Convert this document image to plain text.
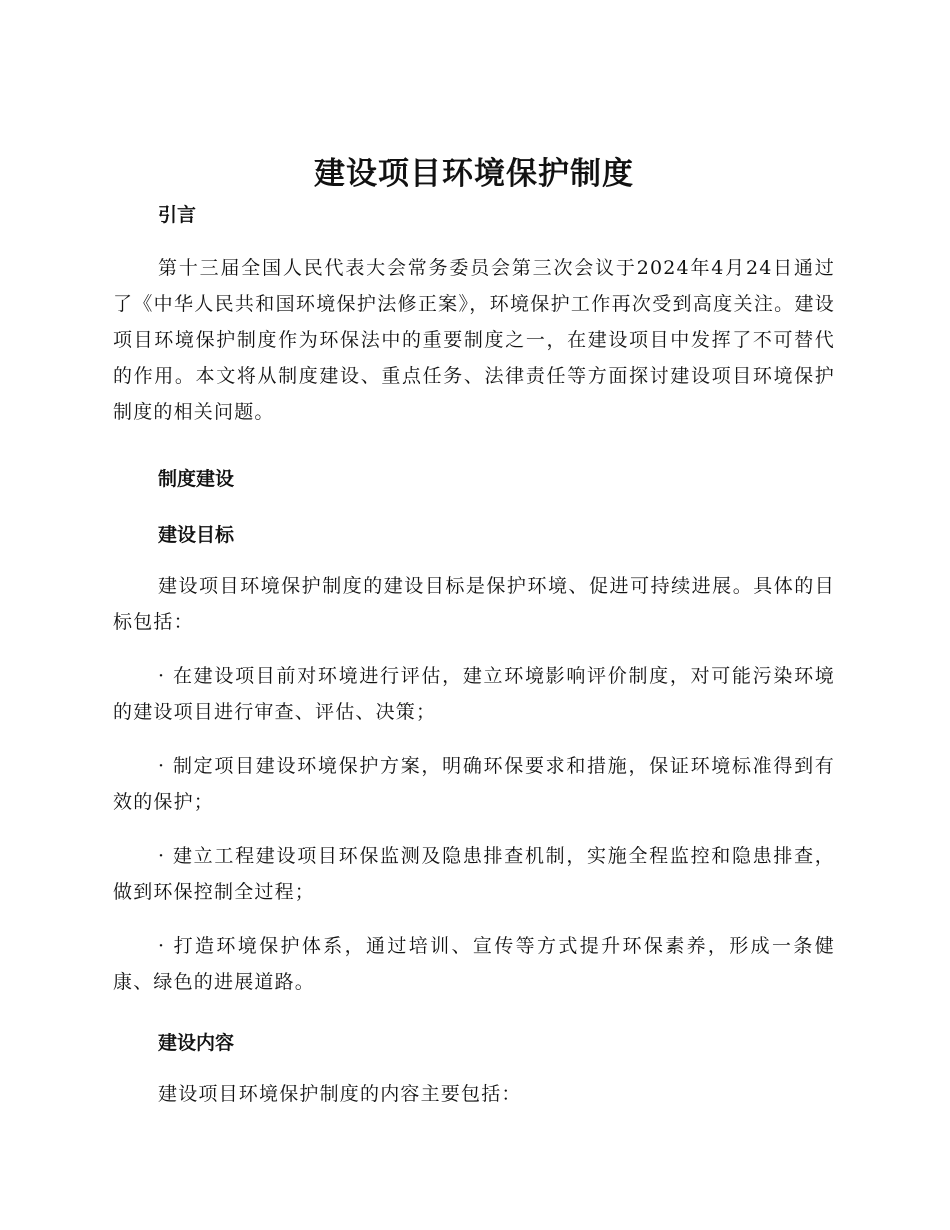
建设项目环境保护制度
引言

第十三届全国人民代表大会常务委员会第三次会议于2024年4月24日通过了《中华人民共和国环境保护法修正案》，环境保护工作再次受到高度关注。建设项目环境保护制度作为环保法中的重要制度之一，在建设项目中发挥了不可替代的作用。本文将从制度建设、重点任务、法律责任等方面探讨建设项目环境保护制度的相关问题。

制度建设
建设目标

建设项目环境保护制度的建设目标是保护环境、促进可持续进展。具体的目标包括：

· 在建设项目前对环境进行评估，建立环境影响评价制度，对可能污染环境的建设项目进行审查、评估、决策；

· 制定项目建设环境保护方案，明确环保要求和措施，保证环境标准得到有效的保护；

· 建立工程建设项目环保监测及隐患排查机制，实施全程监控和隐患排查，做到环保控制全过程；

· 打造环境保护体系，通过培训、宣传等方式提升环保素养，形成一条健康、绿色的进展道路。

建设内容

建设项目环境保护制度的内容主要包括：
